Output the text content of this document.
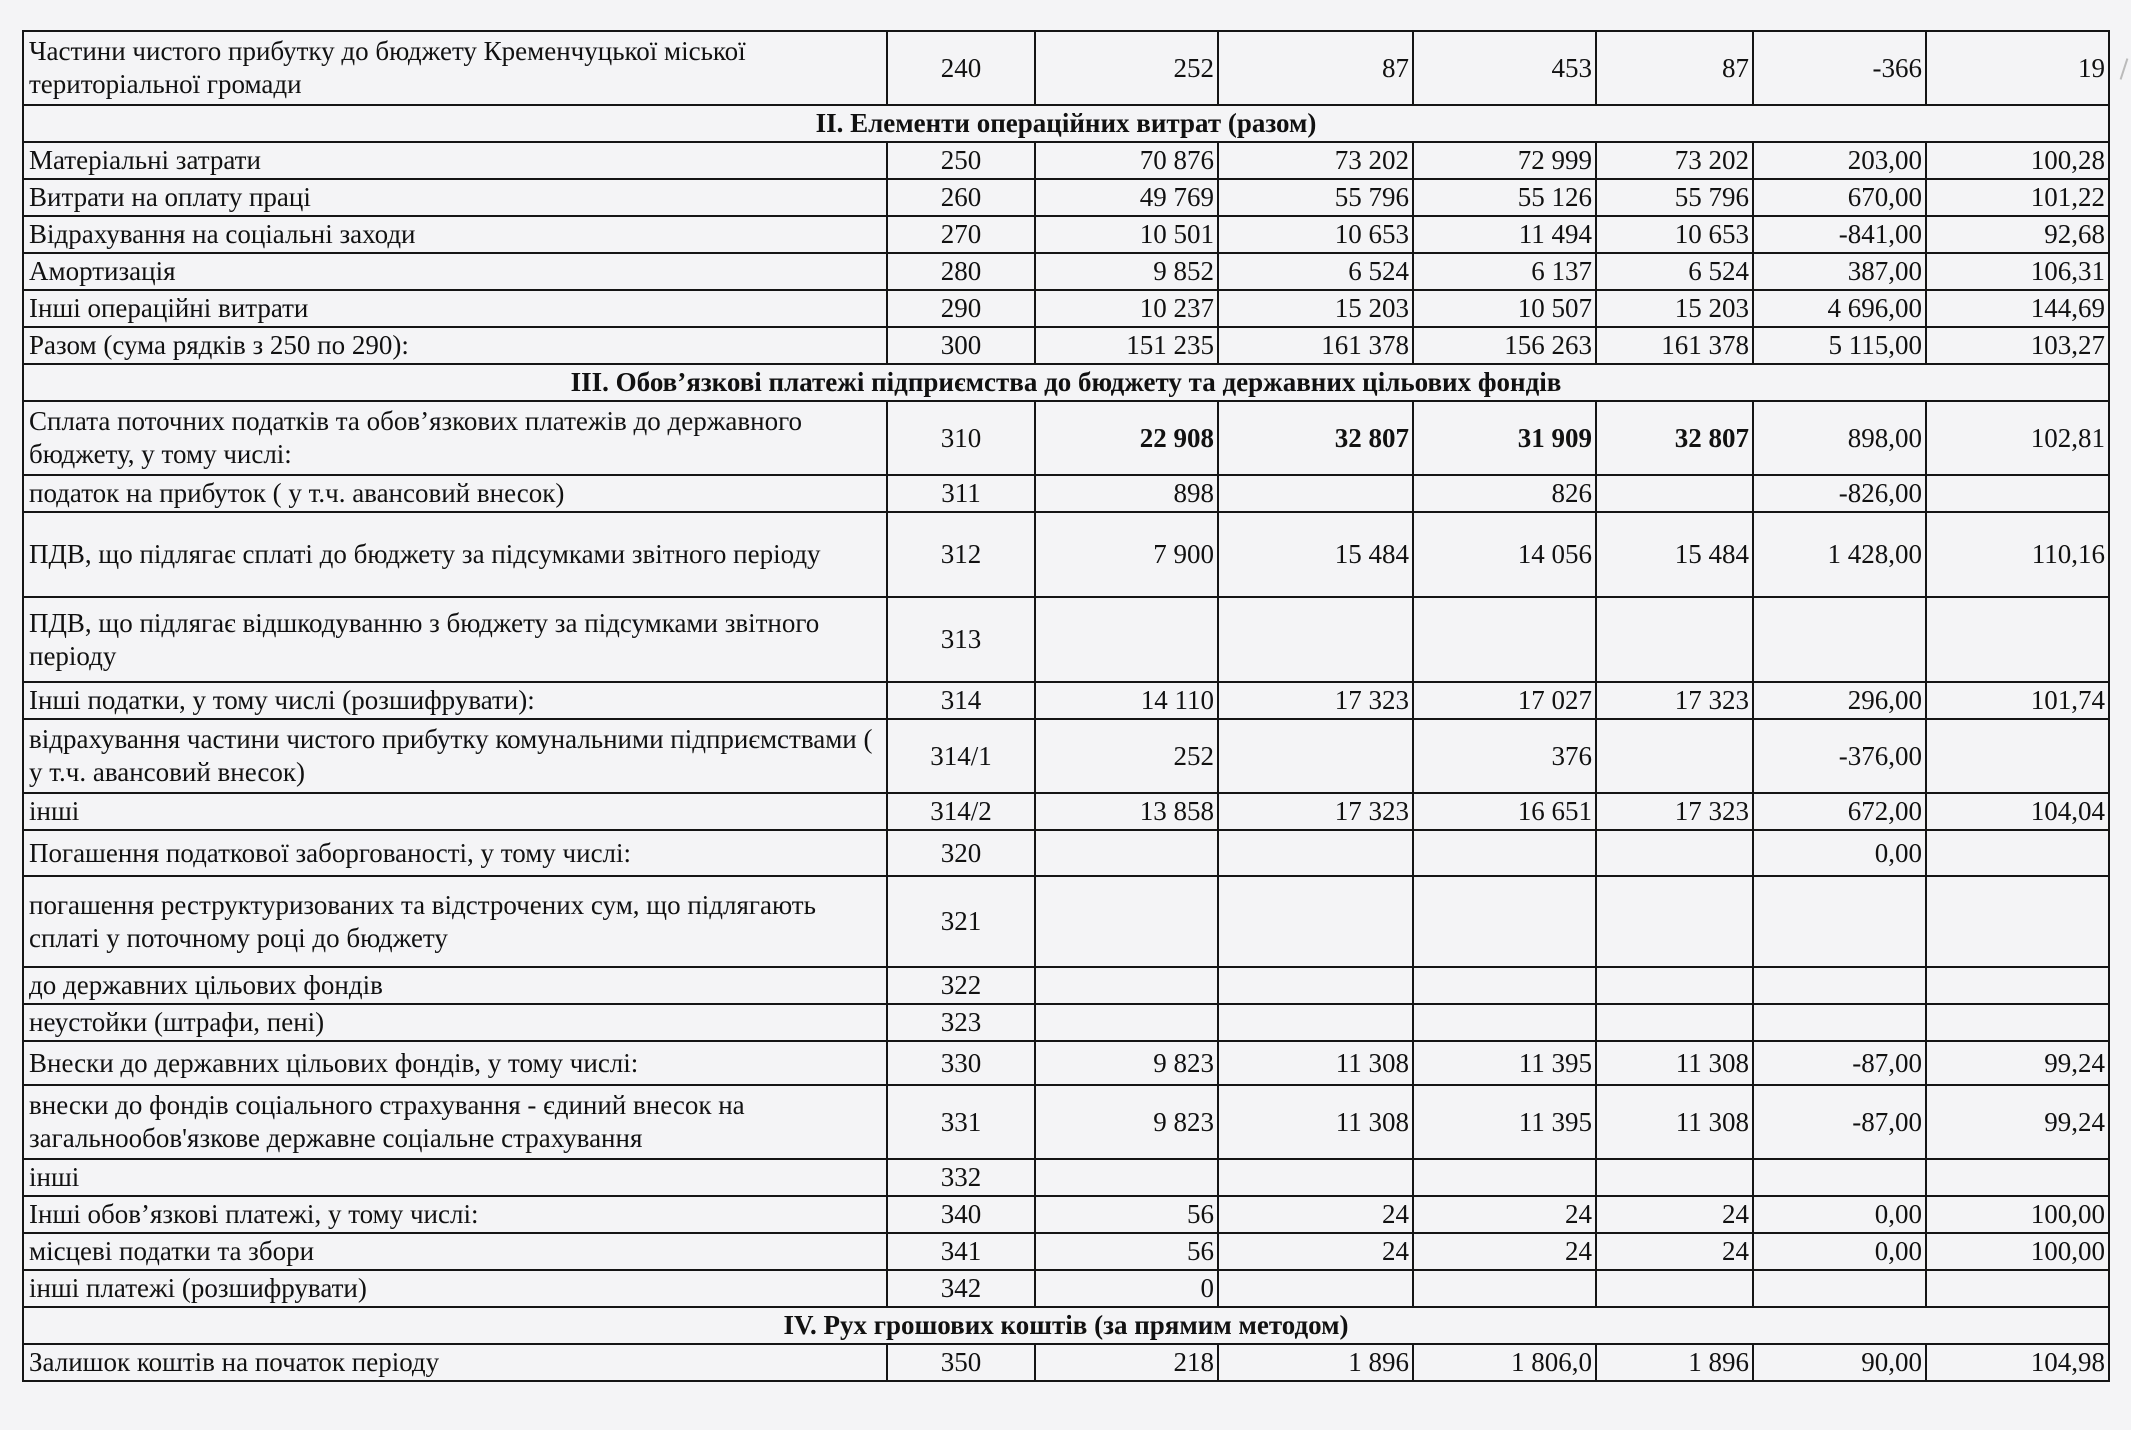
Частини чистого прибутку до бюджету Кременчуцької міської територіальної громади	240	252	87	453	87	-366	19
II. Елементи операційних витрат (разом)							
Матеріальні затрати	250	70 876	73 202	72 999	73 202	203,00	100,28
Витрати на оплату праці	260	49 769	55 796	55 126	55 796	670,00	101,22
Відрахування на соціальні заходи	270	10 501	10 653	11 494	10 653	-841,00	92,68
Амортизація	280	9 852	6 524	6 137	6 524	387,00	106,31
Інші операційні витрати	290	10 237	15 203	10 507	15 203	4 696,00	144,69
Разом (сума рядків з 250 по 290):	300	151 235	161 378	156 263	161 378	5 115,00	103,27
III. Обов’язкові платежі підприємства до бюджету та державних цільових фондів							
Сплата поточних податків та обов’язкових платежів до державного бюджету, у тому числі:	310	22 908	32 807	31 909	32 807	898,00	102,81
податок на прибуток ( у т.ч. авансовий внесок)	311	898		826		-826,00	
ПДВ, що підлягає сплаті до бюджету за підсумками звітного періоду	312	7 900	15 484	14 056	15 484	1 428,00	110,16
ПДВ, що підлягає відшкодуванню з бюджету за підсумками звітного періоду	313						
Інші податки, у тому числі (розшифрувати):	314	14 110	17 323	17 027	17 323	296,00	101,74
відрахування частини чистого прибутку комунальними підприємствами ( у т.ч. авансовий внесок)	314/1	252		376		-376,00	
інші	314/2	13 858	17 323	16 651	17 323	672,00	104,04
Погашення податкової заборгованості, у тому числі:	320					0,00	
погашення реструктуризованих та відстрочених сум, що підлягають сплаті у поточному році до бюджету	321						
до державних цільових фондів	322						
неустойки (штрафи, пені)	323						
Внески до державних цільових фондів, у тому числі:	330	9 823	11 308	11 395	11 308	-87,00	99,24
внески до фондів соціального страхування - єдиний внесок на загальнообов'язкове державне соціальне страхування	331	9 823	11 308	11 395	11 308	-87,00	99,24
інші	332						
Інші обов’язкові платежі, у тому числі:	340	56	24	24	24	0,00	100,00
місцеві податки та збори	341	56	24	24	24	0,00	100,00
інші платежі (розшифрувати)	342	0					
IV. Рух грошових коштів (за прямим методом)							
Залишок коштів на початок періоду	350	218	1 896	1 806,0	1 896	90,00	104,98
